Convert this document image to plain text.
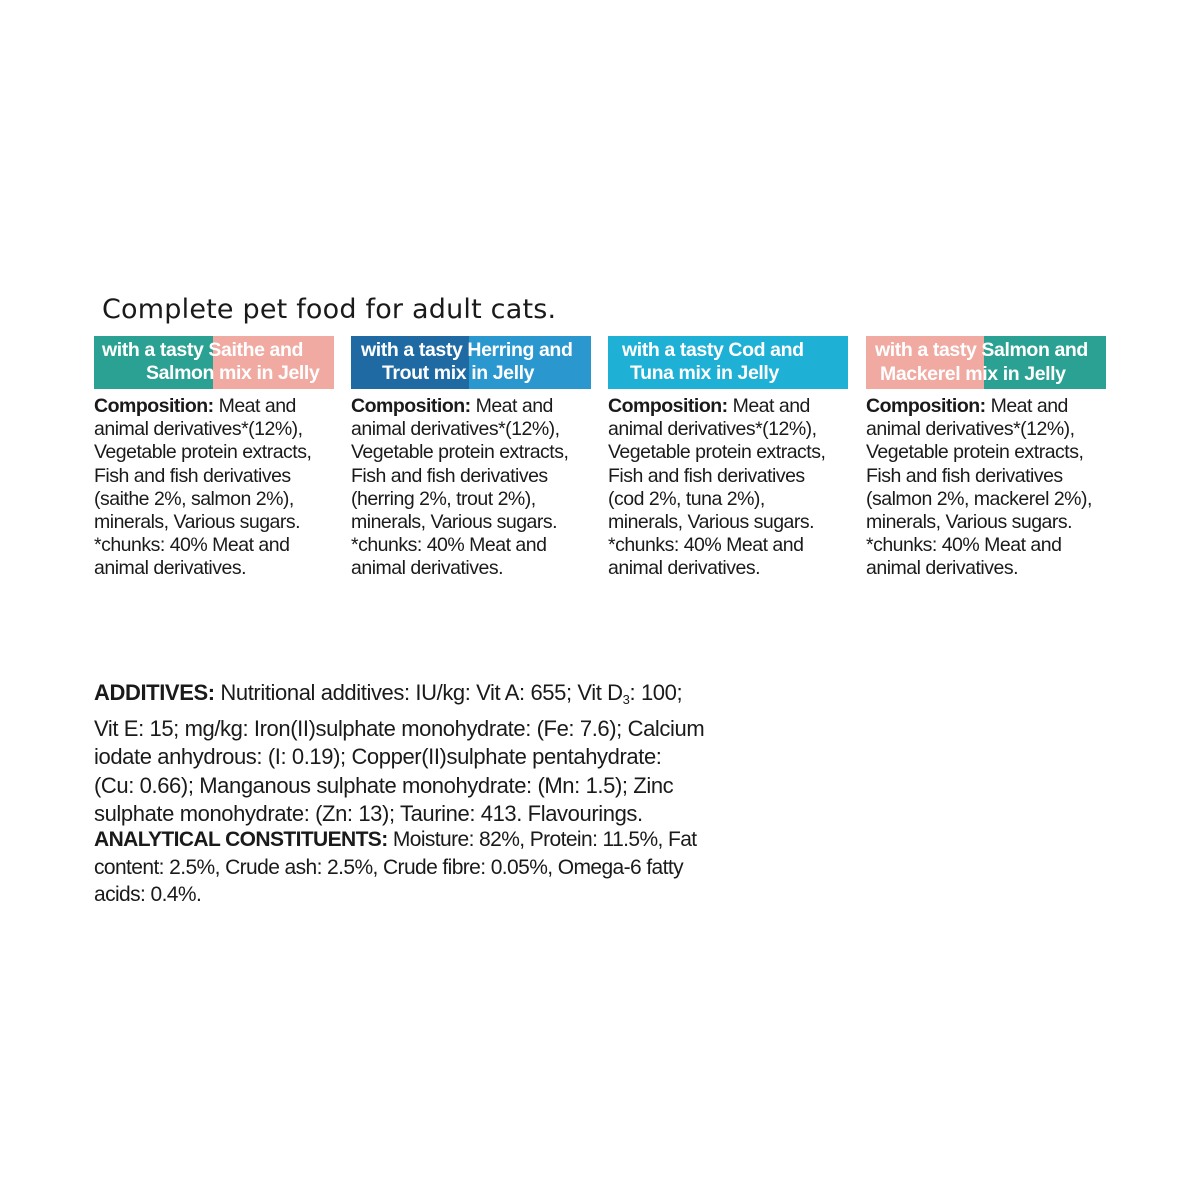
Complete pet food for adult cats.
with a tasty Saithe and
Salmon mix in Jelly
Composition: Meat and
animal derivatives*(12%),
Vegetable protein extracts,
Fish and fish derivatives
(saithe 2%, salmon 2%),
minerals, Various sugars.
*chunks: 40% Meat and
animal derivatives.
with a tasty Herring and
Trout mix in Jelly
Composition: Meat and
animal derivatives*(12%),
Vegetable protein extracts,
Fish and fish derivatives
(herring 2%, trout 2%),
minerals, Various sugars.
*chunks: 40% Meat and
animal derivatives.
with a tasty Cod and
Tuna mix in Jelly
Composition: Meat and
animal derivatives*(12%),
Vegetable protein extracts,
Fish and fish derivatives
(cod 2%, tuna 2%),
minerals, Various sugars.
*chunks: 40% Meat and
animal derivatives.
with a tasty Salmon and
Mackerel mix in Jelly
Composition: Meat and
animal derivatives*(12%),
Vegetable protein extracts,
Fish and fish derivatives
(salmon 2%, mackerel 2%),
minerals, Various sugars.
*chunks: 40% Meat and
animal derivatives.
ADDITIVES: Nutritional additives: IU/kg: Vit A: 655; Vit $D_3$: 100;
Vit E: 15; mg/kg: Iron(II)sulphate monohydrate: (Fe: 7.6); Calcium
iodate anhydrous: (I: 0.19); Copper(II)sulphate pentahydrate:
(Cu: 0.66); Manganous sulphate monohydrate: (Mn: 1.5); Zinc
sulphate monohydrate: (Zn: 13); Taurine: 413. Flavourings.
ANALYTICAL CONSTITUENTS: Moisture: 82%, Protein: 11.5%, Fat
content: 2.5%, Crude ash: 2.5%, Crude fibre: 0.05%, Omega-6 fatty
acids: 0.4%.
